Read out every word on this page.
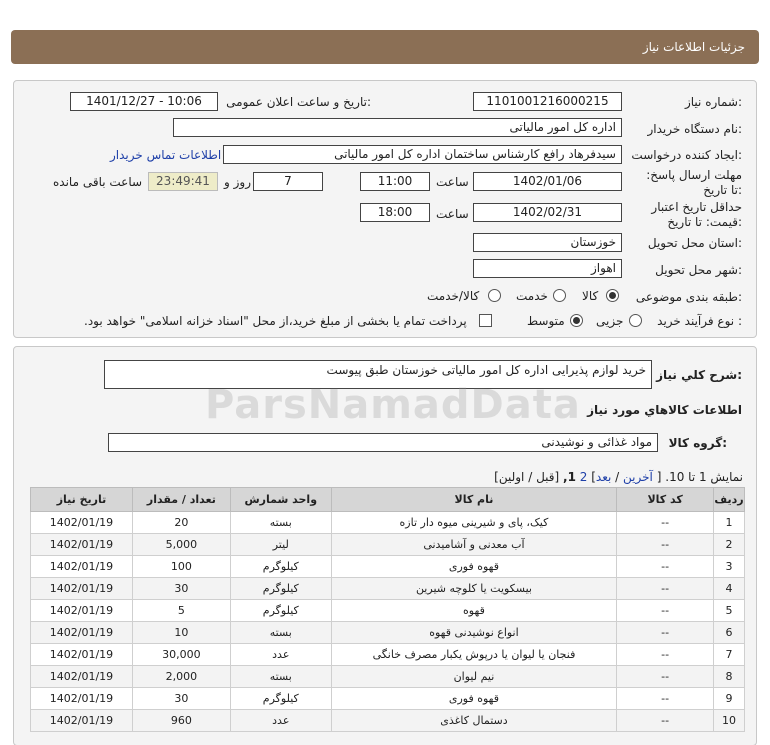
جزئیات اطلاعات نیاز
شماره نیاز:
1101001216000215
تاریخ و ساعت اعلان عمومی:
1401/12/27 - 10:06
نام دستگاه خریدار:
اداره کل امور مالیاتی
ایجاد کننده درخواست:
سیدفرهاد رافع کارشناس ساختمان اداره کل امور مالیاتی
اطلاعات تماس خریدار
مهلت ارسال پاسخ: تا تاریخ:
1402/01/06
ساعت
11:00
7
روز و
23:49:41
ساعت باقی مانده
حداقل تاریخ اعتبار قیمت: تا تاریخ:
1402/02/31
ساعت
18:00
استان محل تحویل:
خوزستان
شهر محل تحویل:
اهواز
طبقه بندی موضوعی:
کالا
خدمت
کالا/خدمت
نوع فرآیند خرید :
جزیی
متوسط
پرداخت تمام یا بخشی از مبلغ خرید،از محل "اسناد خزانه اسلامی" خواهد بود.
شرح کلي نياز:
خرید لوازم پذیرایی اداره کل امور مالیاتی خوزستان طبق پیوست
ParsNamadData اطلاعات کالاهاي مورد نياز
گروه کالا:
مواد غذائی و نوشیدنی
نمایش 1 تا 10. [ آخرین / بعد] 2 1, [قبل / اولین]
ردیف	کد کالا	نام کالا	واحد شمارش	تعداد / مقدار	تاریخ نیاز
1	--	کیک، پای و شیرینی میوه دار تازه	بسته	20	1402/01/19
2	--	آب معدنی و آشامیدنی	لیتر	5,000	1402/01/19
3	--	قهوه فوری	کیلوگرم	100	1402/01/19
4	--	بیسکویت یا کلوچه شیرین	کیلوگرم	30	1402/01/19
5	--	قهوه	کیلوگرم	5	1402/01/19
6	--	انواع نوشیدنی قهوه	بسته	10	1402/01/19
7	--	فنجان یا لیوان یا درپوش یکبار مصرف خانگی	عدد	30,000	1402/01/19
8	--	نیم لیوان	بسته	2,000	1402/01/19
9	--	قهوه فوری	کیلوگرم	30	1402/01/19
10	--	دستمال کاغذی	عدد	960	1402/01/19
